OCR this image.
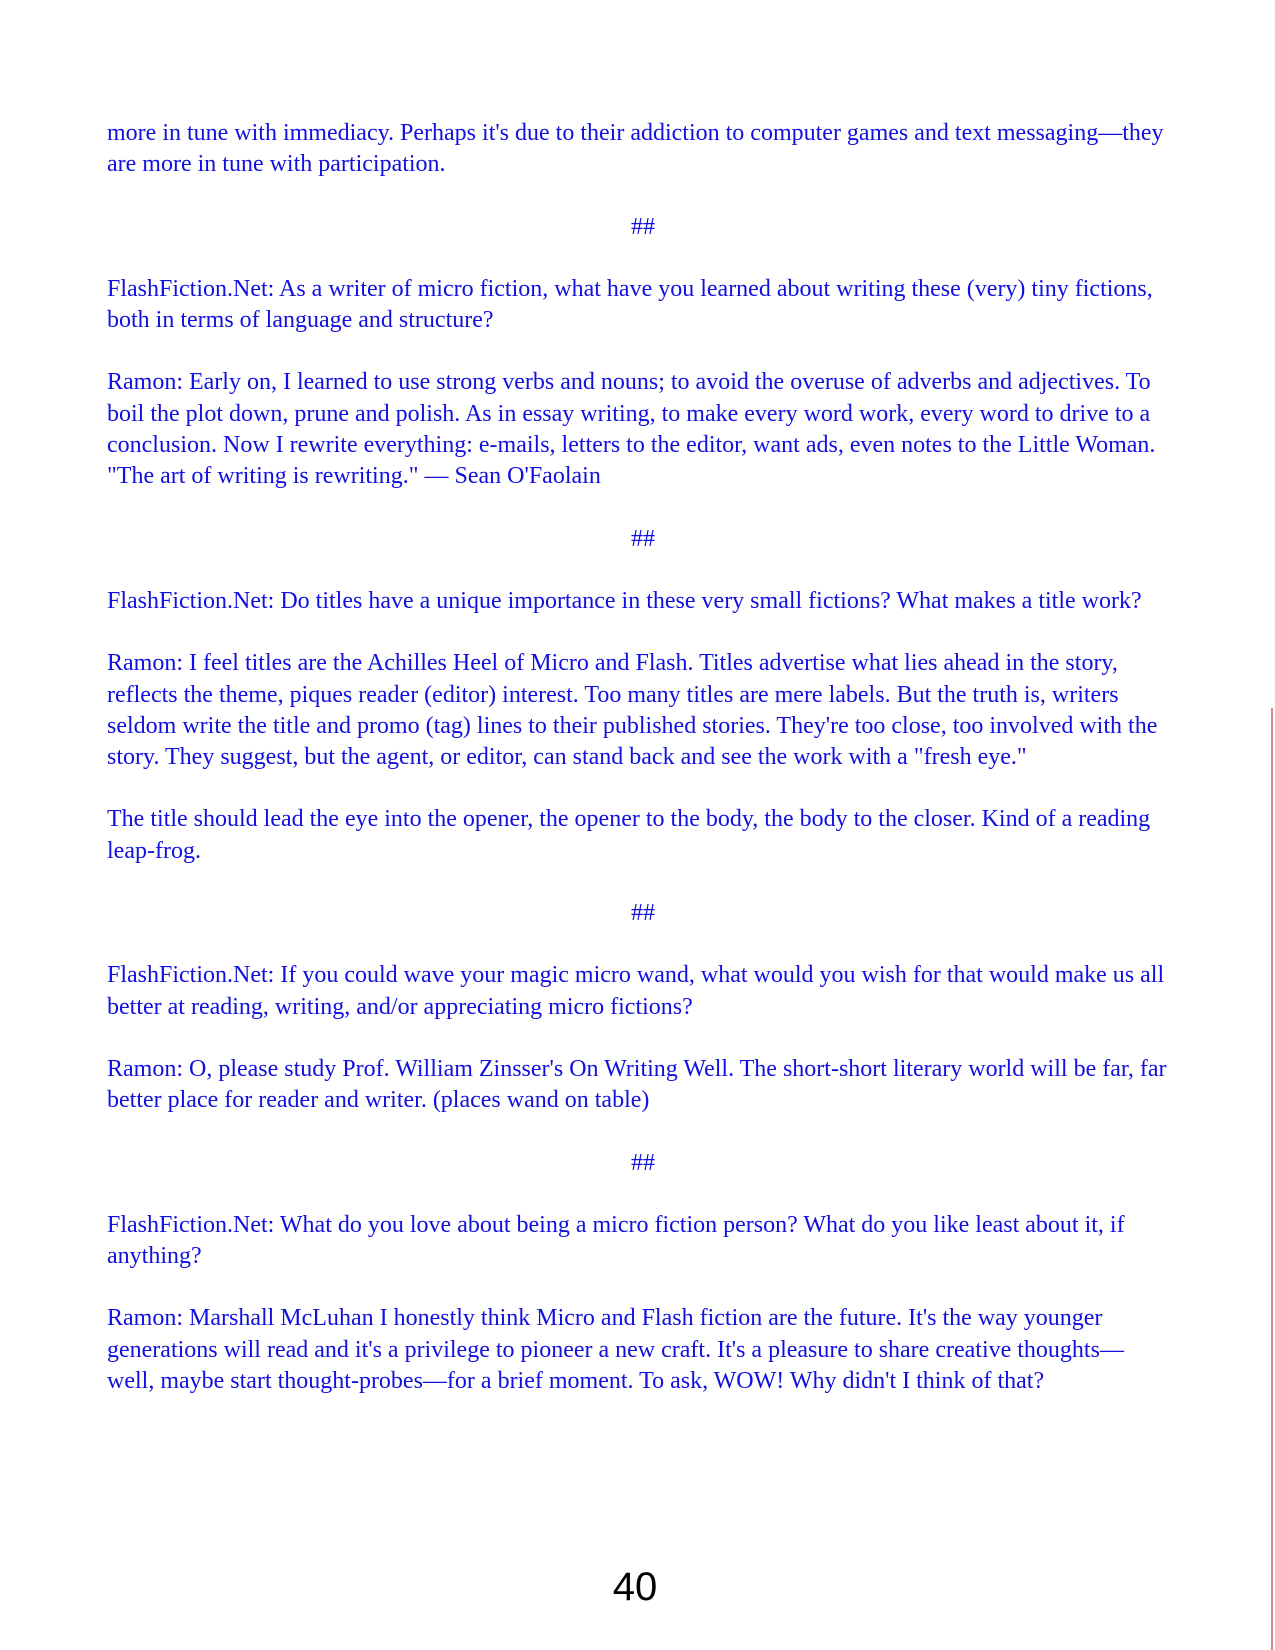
more in tune with immediacy. Perhaps it's due to their addiction to computer games and text messaging—they are more in tune with participation.

##

FlashFiction.Net: As a writer of micro fiction, what have you learned about writing these (very) tiny fictions, both in terms of language and structure?

Ramon: Early on, I learned to use strong verbs and nouns; to avoid the overuse of adverbs and adjectives. To boil the plot down, prune and polish. As in essay writing, to make every word work, every word to drive to a conclusion. Now I rewrite everything: e-mails, letters to the editor, want ads, even notes to the Little Woman. "The art of writing is rewriting." — Sean O'Faolain

##

FlashFiction.Net: Do titles have a unique importance in these very small fictions? What makes a title work?

Ramon: I feel titles are the Achilles Heel of Micro and Flash. Titles advertise what lies ahead in the story, reflects the theme, piques reader (editor) interest. Too many titles are mere labels. But the truth is, writers seldom write the title and promo (tag) lines to their published stories. They're too close, too involved with the story. They suggest, but the agent, or editor, can stand back and see the work with a "fresh eye."

The title should lead the eye into the opener, the opener to the body, the body to the closer. Kind of a reading leap-frog.

##

FlashFiction.Net: If you could wave your magic micro wand, what would you wish for that would make us all better at reading, writing, and/or appreciating micro fictions?

Ramon: O, please study Prof. William Zinsser's On Writing Well. The short-short literary world will be far, far better place for reader and writer. (places wand on table)

##

FlashFiction.Net: What do you love about being a micro fiction person? What do you like least about it, if anything?

Ramon: Marshall McLuhan I honestly think Micro and Flash fiction are the future. It's the way younger generations will read and it's a privilege to pioneer a new craft. It's a pleasure to share creative thoughts—well, maybe start thought-probes—for a brief moment. To ask, WOW! Why didn't I think of that?

40
